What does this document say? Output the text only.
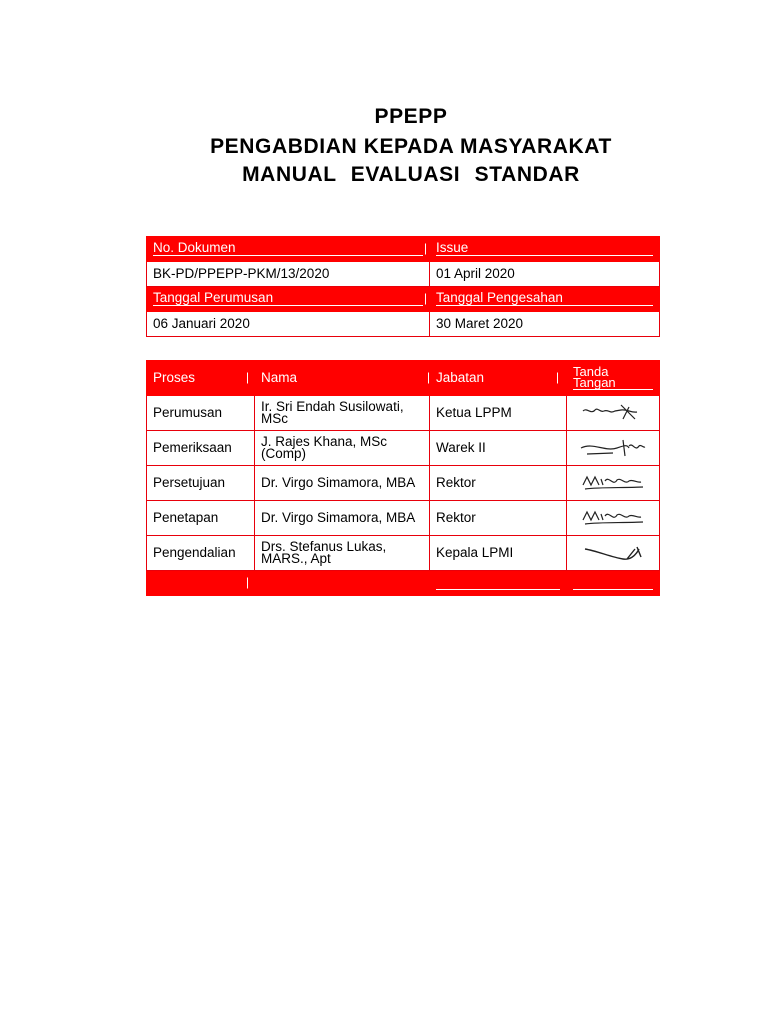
PPEPP
PENGABDIAN KEPADA MASYARAKAT
MANUAL EVALUASI STANDAR
No. Dokumen	Issue
BK-PD/PPEPP-PKM/13/2020	01 April 2020
Tanggal Perumusan	Tanggal Pengesahan
06 Januari 2020	30 Maret 2020
Proses	Nama	Jabatan	Tanda
Tangan
Perumusan	Ir. Sri Endah Susilowati, MSc	Ketua LPPM	

Pemeriksaan	J. Rajes Khana, MSc (Comp)	Warek II	

Persetujuan	Dr. Virgo Simamora, MBA	Rektor	

Penetapan	Dr. Virgo Simamora, MBA	Rektor	

Pengendalian	Drs. Stefanus Lukas, MARS., Apt	Kepala LPMI	
